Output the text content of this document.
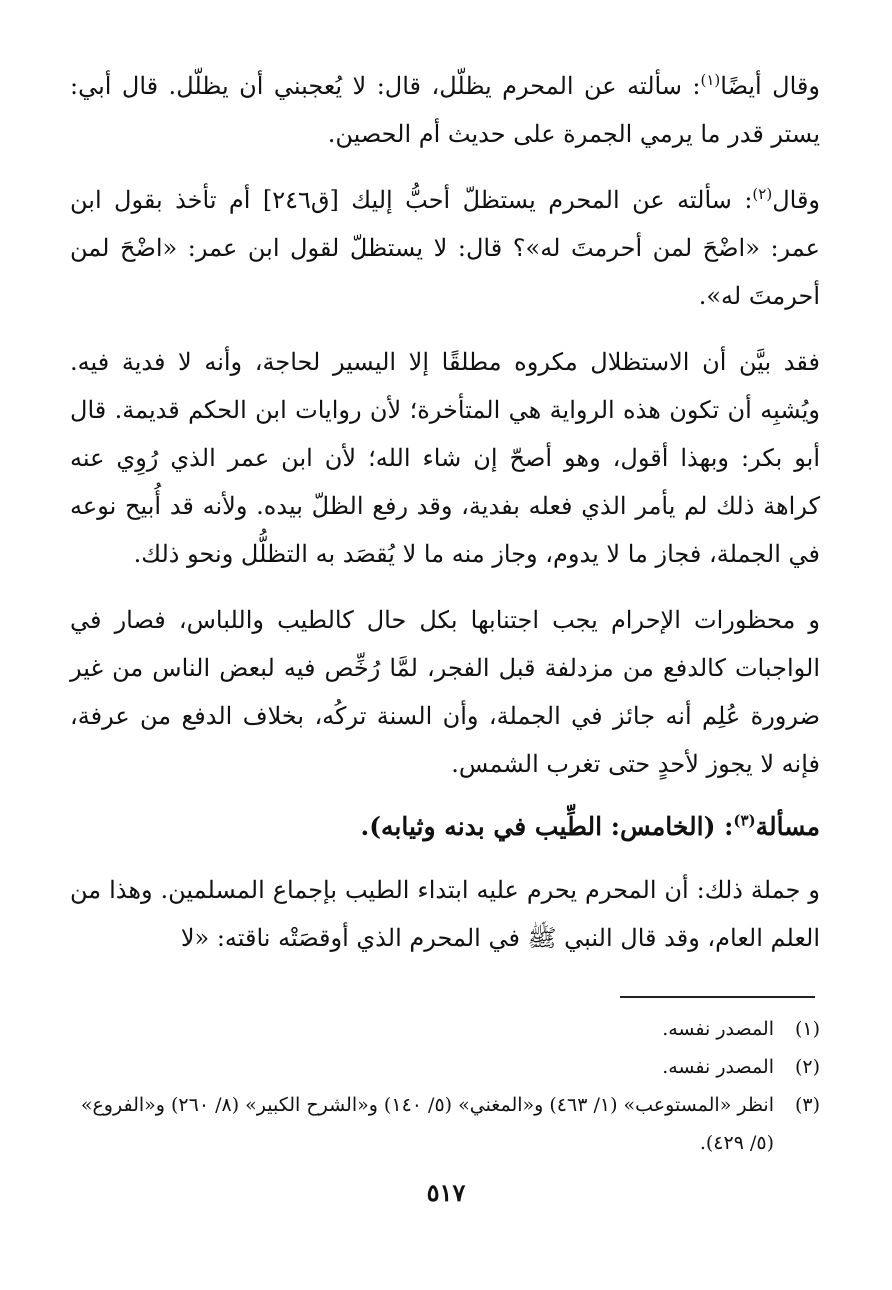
وقال أيضًا$^{(١)}$: سألته عن المحرم يظلّل، قال: لا يُعجبني أن يظلّل. قال أبي: يستر قدر ما يرمي الجمرة على حديث أم الحصين.

وقال$^{(٢)}$: سألته عن المحرم يستظلّ أحبُّ إليك [ق٢٤٦] أم تأخذ بقول ابن عمر: «اضْحَ لمن أحرمتَ له»؟ قال: لا يستظلّ لقول ابن عمر: «اضْحَ لمن أحرمتَ له».

فقد بيَّن أن الاستظلال مكروه مطلقًا إلا اليسير لحاجة، وأنه لا فدية فيه. ويُشبِه أن تكون هذه الرواية هي المتأخرة؛ لأن روايات ابن الحكم قديمة. قال أبو بكر: وبهذا أقول، وهو أصحّ إن شاء الله؛ لأن ابن عمر الذي رُوِي عنه كراهة ذلك لم يأمر الذي فعله بفدية، وقد رفع الظلّ بيده. ولأنه قد أُبيح نوعه في الجملة، فجاز ما لا يدوم، وجاز منه ما لا يُقصَد به التظلُّل ونحو ذلك.

و محظورات الإحرام يجب اجتنابها بكل حال كالطيب واللباس، فصار في الواجبات كالدفع من مزدلفة قبل الفجر، لمَّا رُخِّص فيه لبعض الناس من غير ضرورة عُلِم أنه جائز في الجملة، وأن السنة تركُه، بخلاف الدفع من عرفة، فإنه لا يجوز لأحدٍ حتى تغرب الشمس.

مسألة$^{(٣)}$: (الخامس: الطِّيب في بدنه وثيابه).

و جملة ذلك: أن المحرم يحرم عليه ابتداء الطيب بإجماع المسلمين. وهذا من العلم العام، وقد قال النبي ﷺ في المحرم الذي أوقصَتْه ناقته: «لا

(١)
المصدر نفسه.
(٢)
المصدر نفسه.
(٣)
انظر «المستوعب» (١/ ٤٦٣) و«المغني» (٥/ ١٤٠) و«الشرح الكبير» (٨/ ٢٦٠) و«الفروع» (٥/ ٤٢٩).
٥١٧
